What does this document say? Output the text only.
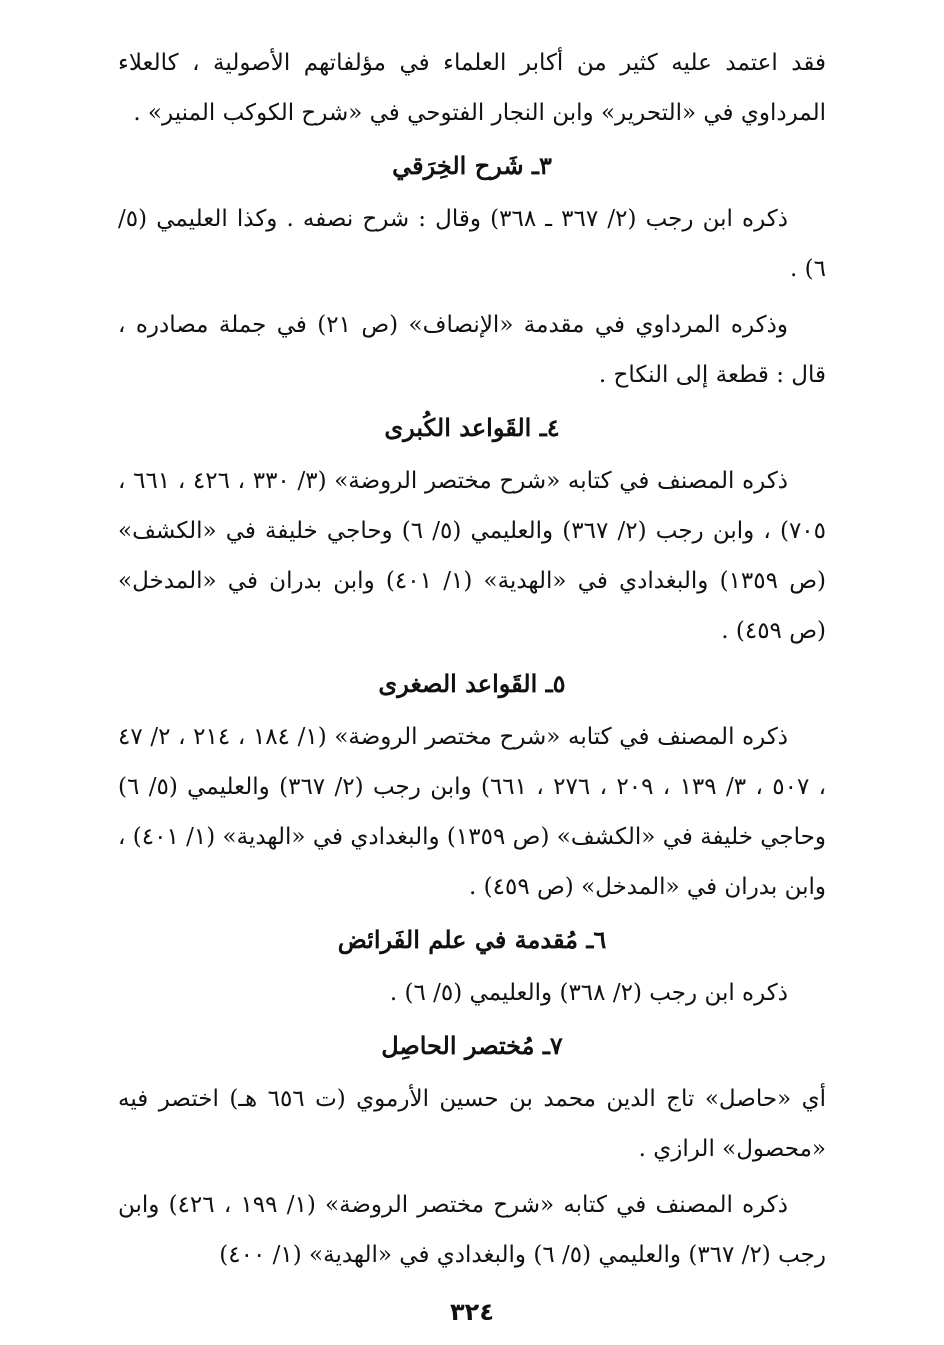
فقد اعتمد عليه كثير من أكابر العلماء في مؤلفاتهم الأصولية ، كالعلاء المرداوي في «التحرير» وابن النجار الفتوحي في «شرح الكوكب المنير» .

٣ـ شَرح الخِرَقي

ذكره ابن رجب (٢/ ٣٦٧ ـ ٣٦٨) وقال : شرح نصفه . وكذا العليمي (٥/ ٦) .

وذكره المرداوي في مقدمة «الإنصاف» (ص ٢١) في جملة مصادره ، قال : قطعة إلى النكاح .

٤ـ القَواعد الكُبرى

ذكره المصنف في كتابه «شرح مختصر الروضة» (٣/ ٣٣٠ ، ٤٢٦ ، ٦٦١ ، ٧٠٥) ، وابن رجب (٢/ ٣٦٧) والعليمي (٥/ ٦) وحاجي خليفة في «الكشف» (ص ١٣٥٩) والبغدادي في «الهدية» (١/ ٤٠١) وابن بدران في «المدخل» (ص ٤٥٩) .

٥ـ القَواعد الصغرى

ذكره المصنف في كتابه «شرح مختصر الروضة» (١/ ١٨٤ ، ٢١٤ ، ٢/ ٤٧ ، ٥٠٧ ، ٣/ ١٣٩ ، ٢٠٩ ، ٢٧٦ ، ٦٦١) وابن رجب (٢/ ٣٦٧) والعليمي (٥/ ٦) وحاجي خليفة في «الكشف» (ص ١٣٥٩) والبغدادي في «الهدية» (١/ ٤٠١) ، وابن بدران في «المدخل» (ص ٤٥٩) .

٦ـ مُقدمة في علم الفَرائض

ذكره ابن رجب (٢/ ٣٦٨) والعليمي (٥/ ٦) .

٧ـ مُختصر الحاصِل

أي «حاصل» تاج الدين محمد بن حسين الأرموي (ت ٦٥٦ هـ) اختصر فيه «محصول» الرازي .

ذكره المصنف في كتابه «شرح مختصر الروضة» (١/ ١٩٩ ، ٤٢٦) وابن رجب (٢/ ٣٦٧) والعليمي (٥/ ٦) والبغدادي في «الهدية» (١/ ٤٠٠)

٣٢٤
